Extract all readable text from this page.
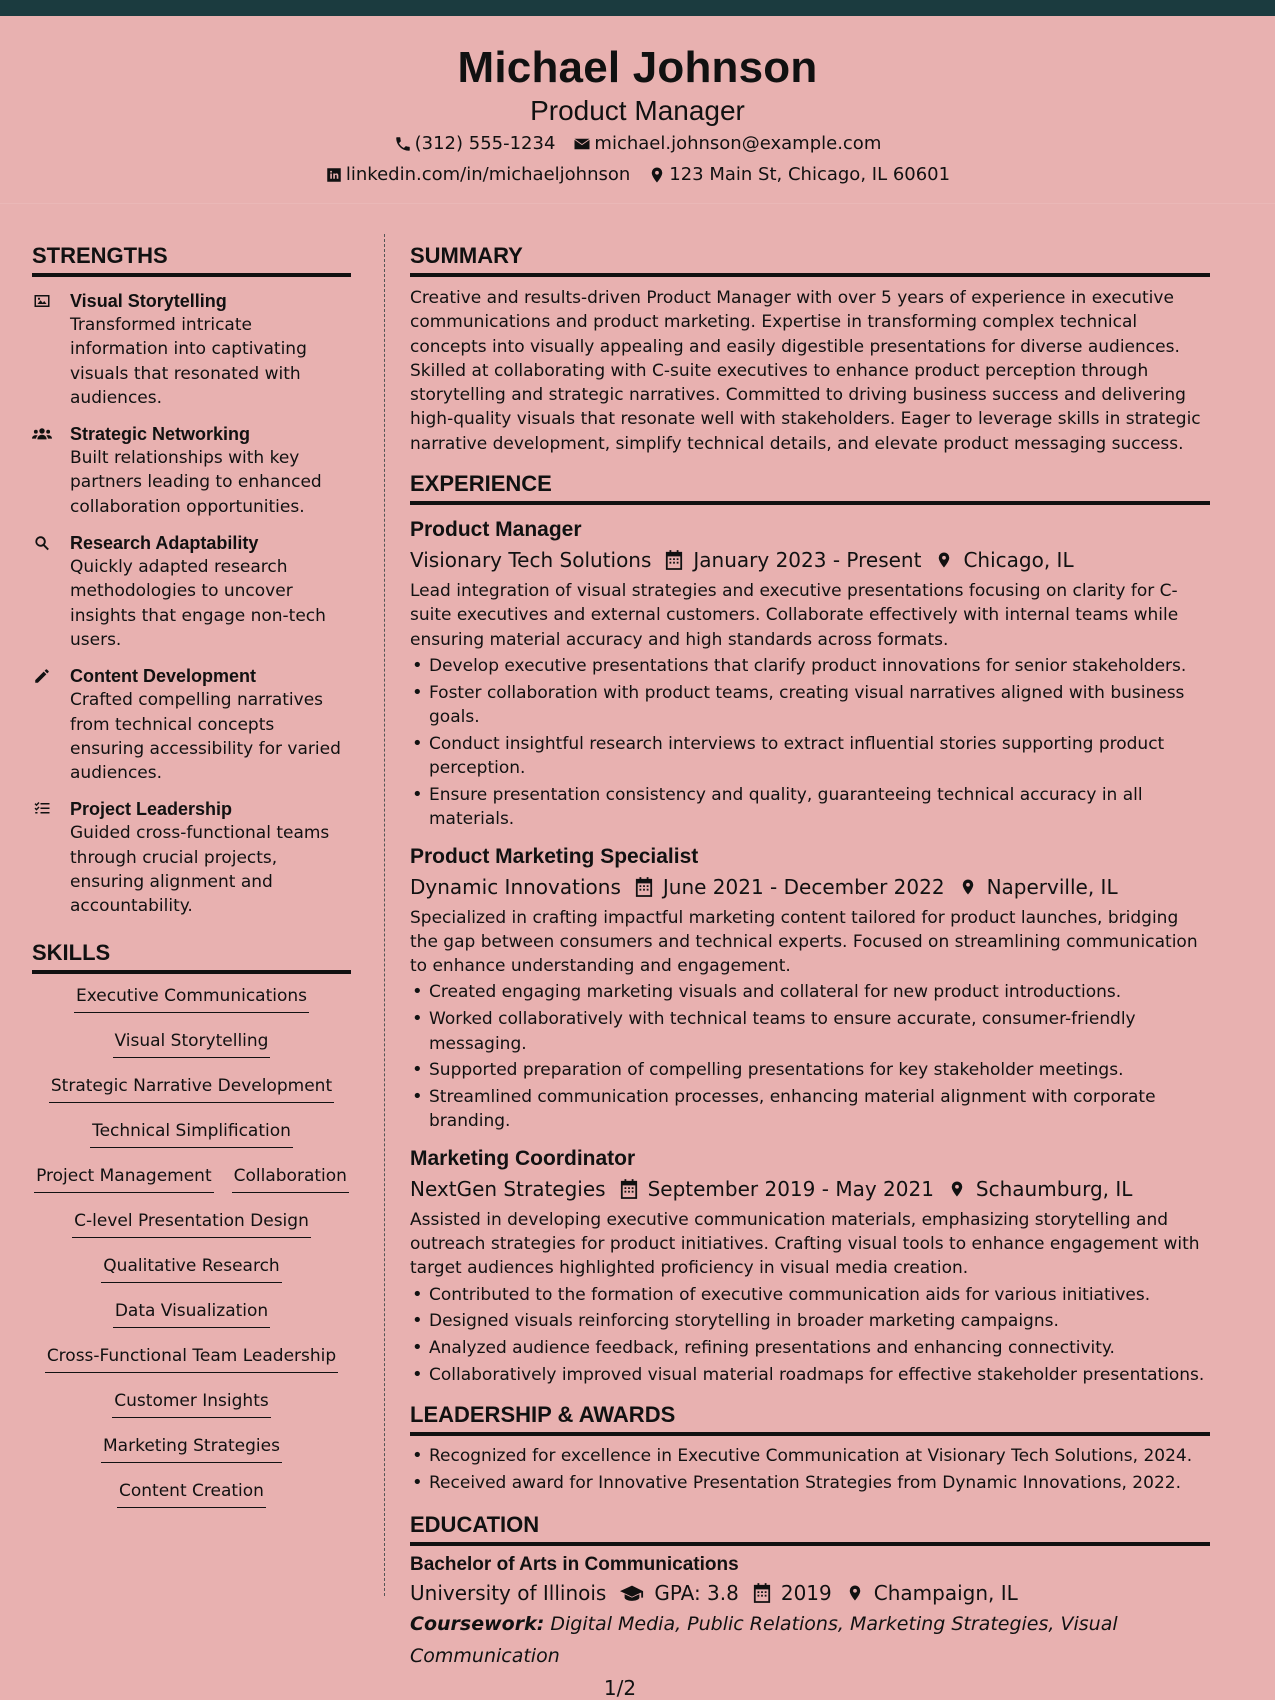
Michael Johnson
Product Manager
(312) 555-1234 michael.johnson@example.com
linkedin.com/in/michaeljohnson 123 Main St, Chicago, IL 60601
STRENGTHS
Visual Storytelling
Transformed intricate information into captivating visuals that resonated with audiences.
Strategic Networking
Built relationships with key partners leading to enhanced collaboration opportunities.
Research Adaptability
Quickly adapted research methodologies to uncover insights that engage non-tech users.
Content Development
Crafted compelling narratives from technical concepts ensuring accessibility for varied audiences.
Project Leadership
Guided cross-functional teams through crucial projects, ensuring alignment and accountability.
SKILLS
Executive Communications
Visual Storytelling
Strategic Narrative Development
Technical Simplification
Project Management Collaboration
C-level Presentation Design
Qualitative Research
Data Visualization
Cross-Functional Team Leadership
Customer Insights
Marketing Strategies
Content Creation
SUMMARY
Creative and results-driven Product Manager with over 5 years of experience in executive communications and product marketing. Expertise in transforming complex technical concepts into visually appealing and easily digestible presentations for diverse audiences. Skilled at collaborating with C-suite executives to enhance product perception through storytelling and strategic narratives. Committed to driving business success and delivering high-quality visuals that resonate well with stakeholders. Eager to leverage skills in strategic narrative development, simplify technical details, and elevate product messaging success.
EXPERIENCE
Product Manager
Visionary Tech Solutions January 2023 - Present Chicago, IL
Lead integration of visual strategies and executive presentations focusing on clarity for C-suite executives and external customers. Collaborate effectively with internal teams while ensuring material accuracy and high standards across formats.
• Develop executive presentations that clarify product innovations for senior stakeholders.
• Foster collaboration with product teams, creating visual narratives aligned with business goals.
• Conduct insightful research interviews to extract influential stories supporting product perception.
• Ensure presentation consistency and quality, guaranteeing technical accuracy in all materials.
Product Marketing Specialist
Dynamic Innovations June 2021 - December 2022 Naperville, IL
Specialized in crafting impactful marketing content tailored for product launches, bridging the gap between consumers and technical experts. Focused on streamlining communication to enhance understanding and engagement.
• Created engaging marketing visuals and collateral for new product introductions.
• Worked collaboratively with technical teams to ensure accurate, consumer-friendly messaging.
• Supported preparation of compelling presentations for key stakeholder meetings.
• Streamlined communication processes, enhancing material alignment with corporate branding.
Marketing Coordinator
NextGen Strategies September 2019 - May 2021 Schaumburg, IL
Assisted in developing executive communication materials, emphasizing storytelling and outreach strategies for product initiatives. Crafting visual tools to enhance engagement with target audiences highlighted proficiency in visual media creation.
• Contributed to the formation of executive communication aids for various initiatives.
• Designed visuals reinforcing storytelling in broader marketing campaigns.
• Analyzed audience feedback, refining presentations and enhancing connectivity.
• Collaboratively improved visual material roadmaps for effective stakeholder presentations.
LEADERSHIP & AWARDS
• Recognized for excellence in Executive Communication at Visionary Tech Solutions, 2024.
• Received award for Innovative Presentation Strategies from Dynamic Innovations, 2022.
EDUCATION
Bachelor of Arts in Communications
University of Illinois GPA: 3.8 2019 Champaign, IL
Coursework: Digital Media, Public Relations, Marketing Strategies, Visual Communication
1/2
